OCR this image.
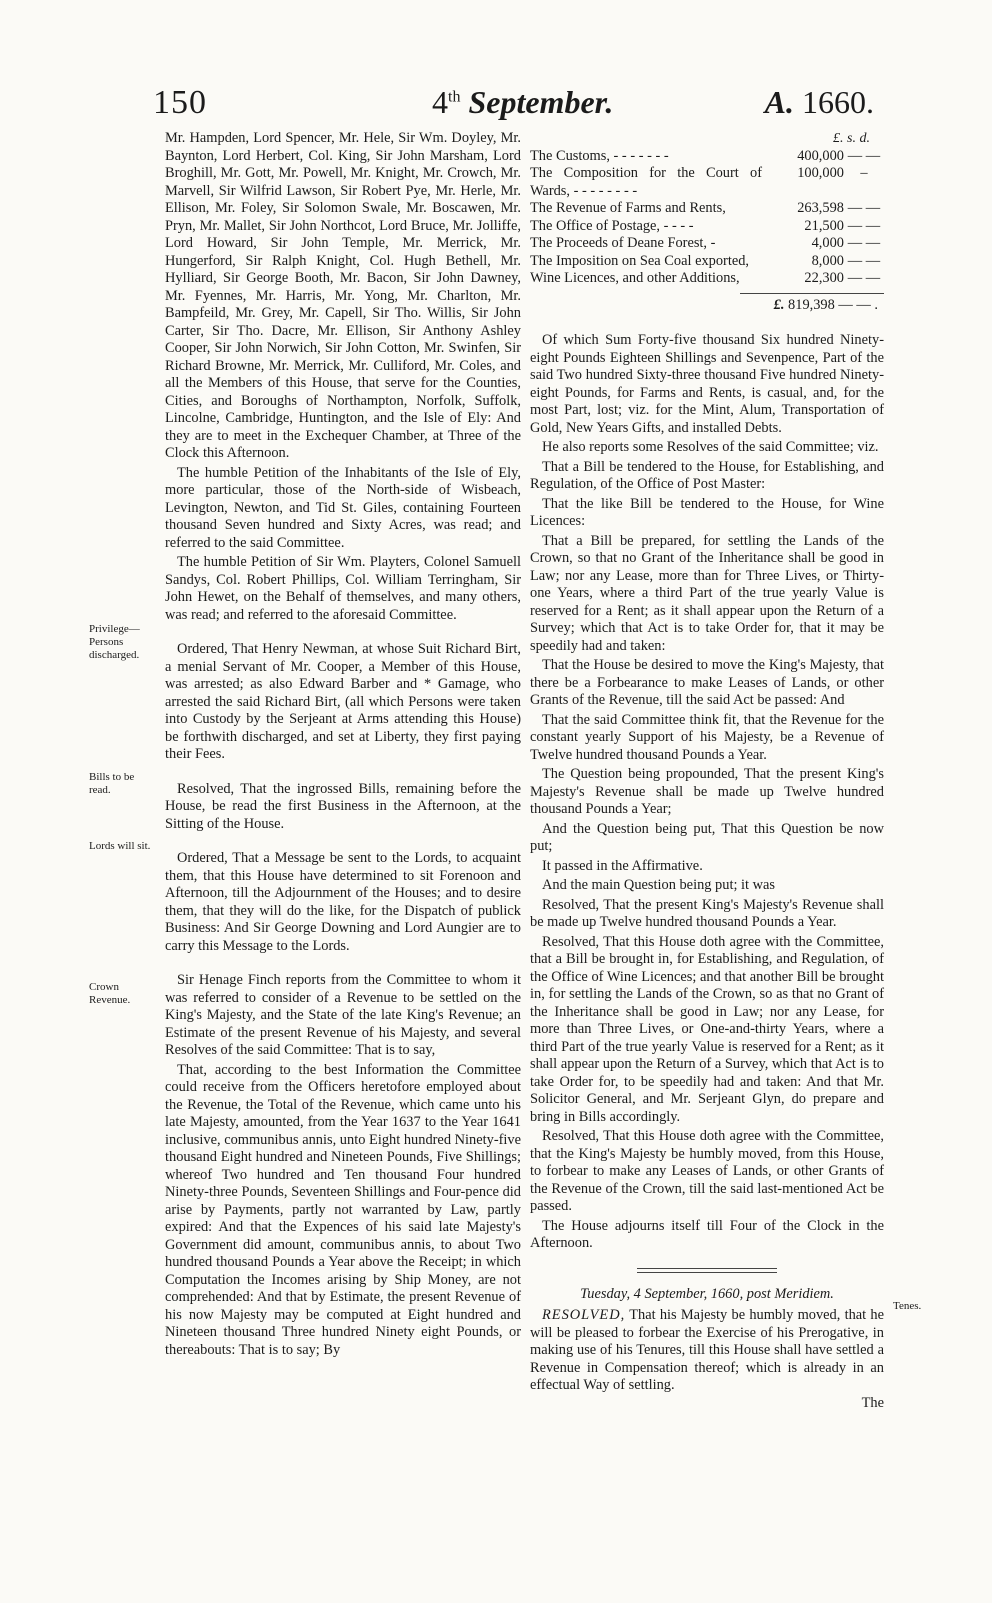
150	4th September.	A. 1660.

Mr. Hampden, Lord Spencer, Mr. Hele, Sir Wm. Doyley, Mr. Baynton, Lord Herbert, Col. King, Sir John Marsham, Lord Broghill, Mr. Gott, Mr. Powell, Mr. Knight, Mr. Crowch, Mr. Marvell, Sir Wilfrid Lawson, Sir Robert Pye, Mr. Herle, Mr. Ellison, Mr. Foley, Sir Solomon Swale, Mr. Boscawen, Mr. Pryn, Mr. Mallet, Sir John Northcot, Lord Bruce, Mr. Jolliffe, Lord Howard, Sir John Temple, Mr. Merrick, Mr. Hungerford, Sir Ralph Knight, Col. Hugh Bethell, Mr. Hylliard, Sir George Booth, Mr. Bacon, Sir John Dawney, Mr. Fyennes, Mr. Harris, Mr. Yong, Mr. Charlton, Mr. Bampfeild, Mr. Grey, Mr. Capell, Sir Tho. Willis, Sir John Carter, Sir Tho. Dacre, Mr. Ellison, Sir Anthony Ashley Cooper, Sir John Norwich, Sir John Cotton, Mr. Swinfen, Sir Richard Browne, Mr. Merrick, Mr. Culliford, Mr. Coles, and all the Members of this House, that serve for the Counties, Cities, and Boroughs of Northampton, Norfolk, Suffolk, Lincolne, Cambridge, Huntington, and the Isle of Ely: And they are to meet in the Exchequer Chamber, at Three of the Clock this Afternoon.

The humble Petition of the Inhabitants of the Isle of Ely, more particular, those of the North-side of Wisbeach, Levington, Newton, and Tid St. Giles, containing Fourteen thousand Seven hundred and Sixty Acres, was read; and referred to the said Committee.

The humble Petition of Sir Wm. Playters, Colonel Samuell Sandys, Col. Robert Phillips, Col. William Terringham, Sir John Hewet, on the Behalf of themselves, and many others, was read; and referred to the aforesaid Committee.

Ordered, That Henry Newman, at whose Suit Richard Birt, a menial Servant of Mr. Cooper, a Member of this House, was arrested; as also Edward Barber and * Gamage, who arrested the said Richard Birt, (all which Persons were taken into Custody by the Serjeant at Arms attending this House) be forthwith discharged, and set at Liberty, they first paying their Fees.

Resolved, That the ingrossed Bills, remaining before the House, be read the first Business in the Afternoon, at the Sitting of the House.

Ordered, That a Message be sent to the Lords, to acquaint them, that this House have determined to sit Forenoon and Afternoon, till the Adjournment of the Houses; and to desire them, that they will do the like, for the Dispatch of publick Business: And Sir George Downing and Lord Aungier are to carry this Message to the Lords.

Sir Henage Finch reports from the Committee to whom it was referred to consider of a Revenue to be settled on the King's Majesty, and the State of the late King's Revenue; an Estimate of the present Revenue of his Majesty, and several Resolves of the said Committee: That is to say,

That, according to the best Information the Committee could receive from the Officers heretofore employed about the Revenue, the Total of the Revenue, which came unto his late Majesty, amounted, from the Year 1637 to the Year 1641 inclusive, communibus annis, unto Eight hundred Ninety-five thousand Eight hundred and Nineteen Pounds, Five Shillings; whereof Two hundred and Ten thousand Four hundred Ninety-three Pounds, Seventeen Shillings and Four-pence did arise by Payments, partly not warranted by Law, partly expired: And that the Expences of his said late Majesty's Government did amount, communibus annis, to about Two hundred thousand Pounds a Year above the Receipt; in which Computation the Incomes arising by Ship Money, are not comprehended: And that by Estimate, the present Revenue of his now Majesty may be computed at Eight hundred and Nineteen thousand Three hundred Ninety eight Pounds, or thereabouts: That is to say; By

Privilege—Persons discharged.
Bills to be read.
Lords will sit.
Crown Revenue.
Tenes.
£. s. d.
The Customs, - - - - - - -	400,000	— —
The Composition for the Court of Wards, - - - - - - - -	100,000	–
The Revenue of Farms and Rents,	263,598	— —
The Office of Postage, - - - -	21,500	— —
The Proceeds of Deane Forest, -	4,000	— —
The Imposition on Sea Coal exported,	8,000	— —
Wine Licences, and other Additions,	22,300	— —
£. 819,398 — — .

Of which Sum Forty-five thousand Six hundred Ninety-eight Pounds Eighteen Shillings and Sevenpence, Part of the said Two hundred Sixty-three thousand Five hundred Ninety-eight Pounds, for Farms and Rents, is casual, and, for the most Part, lost; viz. for the Mint, Alum, Transportation of Gold, New Years Gifts, and installed Debts.

He also reports some Resolves of the said Committee; viz.

That a Bill be tendered to the House, for Establishing, and Regulation, of the Office of Post Master:

That the like Bill be tendered to the House, for Wine Licences:

That a Bill be prepared, for settling the Lands of the Crown, so that no Grant of the Inheritance shall be good in Law; nor any Lease, more than for Three Lives, or Thirty-one Years, where a third Part of the true yearly Value is reserved for a Rent; as it shall appear upon the Return of a Survey; which that Act is to take Order for, that it may be speedily had and taken:

That the House be desired to move the King's Majesty, that there be a Forbearance to make Leases of Lands, or other Grants of the Revenue, till the said Act be passed: And

That the said Committee think fit, that the Revenue for the constant yearly Support of his Majesty, be a Revenue of Twelve hundred thousand Pounds a Year.

The Question being propounded, That the present King's Majesty's Revenue shall be made up Twelve hundred thousand Pounds a Year;

And the Question being put, That this Question be now put;

It passed in the Affirmative.

And the main Question being put; it was

Resolved, That the present King's Majesty's Revenue shall be made up Twelve hundred thousand Pounds a Year.

Resolved, That this House doth agree with the Committee, that a Bill be brought in, for Establishing, and Regulation, of the Office of Wine Licences; and that another Bill be brought in, for settling the Lands of the Crown, so as that no Grant of the Inheritance shall be good in Law; nor any Lease, for more than Three Lives, or One-and-thirty Years, where a third Part of the true yearly Value is reserved for a Rent; as it shall appear upon the Return of a Survey, which that Act is to take Order for, to be speedily had and taken: And that Mr. Solicitor General, and Mr. Serjeant Glyn, do prepare and bring in Bills accordingly.

Resolved, That this House doth agree with the Committee, that the King's Majesty be humbly moved, from this House, to forbear to make any Leases of Lands, or other Grants of the Revenue of the Crown, till the said last-mentioned Act be passed.

The House adjourns itself till Four of the Clock in the Afternoon.

Tuesday, 4 September, 1660, post Meridiem.

RESOLVED, That his Majesty be humbly moved, that he will be pleased to forbear the Exercise of his Prerogative, in making use of his Tenures, till this House shall have settled a Revenue in Compensation thereof; which is already in an effectual Way of settling.

The
